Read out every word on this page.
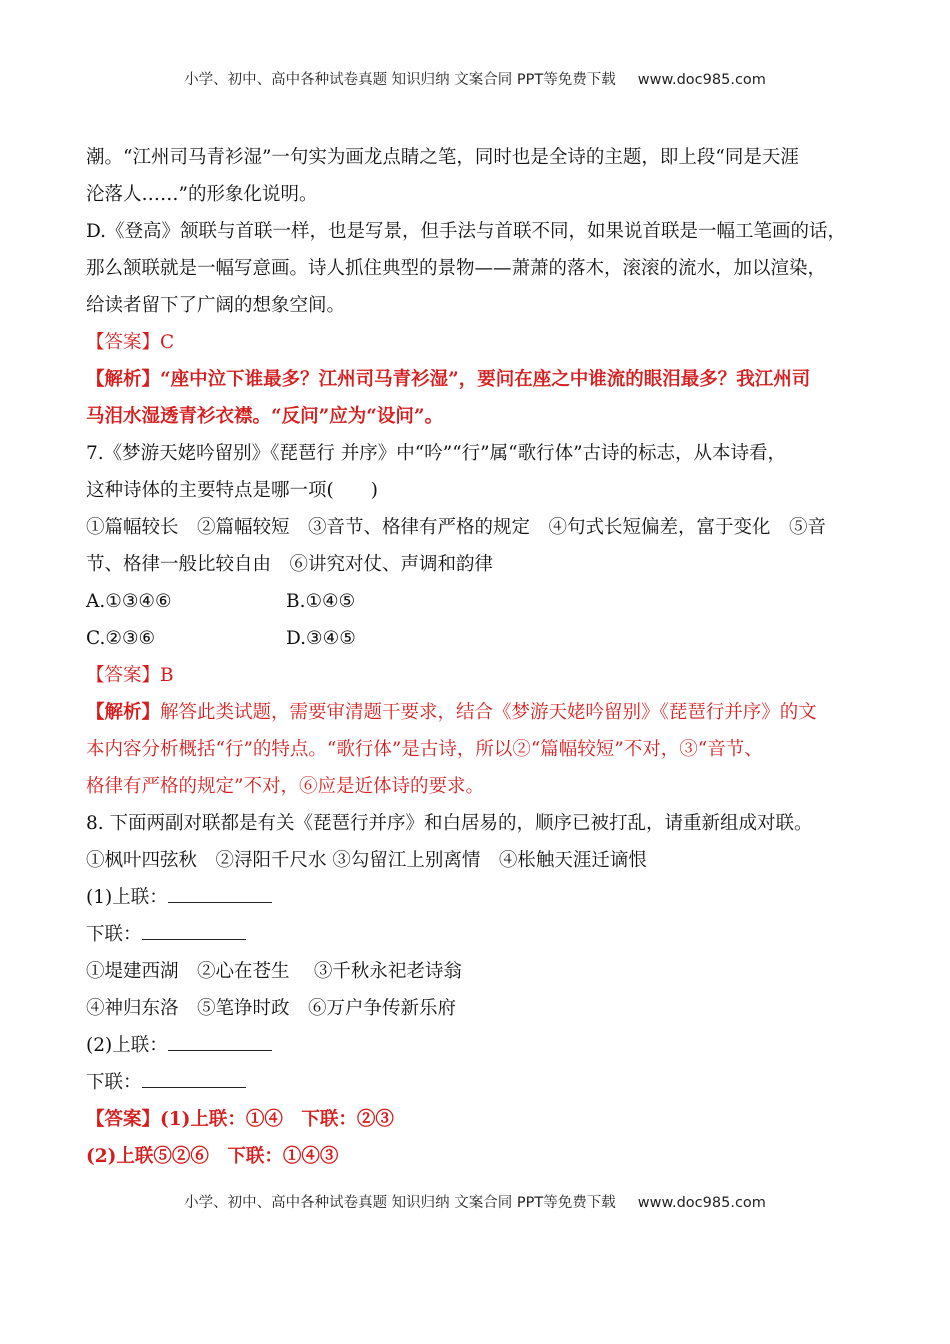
小学、初中、高中各种试卷真题 知识归纳 文案合同 PPT等免费下载 www.doc985.com
潮。“江州司马青衫湿”一句实为画龙点睛之笔，同时也是全诗的主题，即上段“同是天涯
沦落人……”的形象化说明。
D.《登高》颔联与首联一样，也是写景，但手法与首联不同，如果说首联是一幅工笔画的话，
那么颔联就是一幅写意画。诗人抓住典型的景物——萧萧的落木，滚滚的流水，加以渲染，
给读者留下了广阔的想象空间。
【答案】C
【解析】“座中泣下谁最多？江州司马青衫湿”，要问在座之中谁流的眼泪最多？我江州司
马泪水湿透青衫衣襟。“反问”应为“设问”。
7.《梦游天姥吟留别》《琵琶行 并序》中“吟”“行”属“歌行体”古诗的标志，从本诗看，
这种诗体的主要特点是哪一项(　　)
①篇幅较长　②篇幅较短　③音节、格律有严格的规定　④句式长短偏差，富于变化　⑤音
节、格律一般比较自由　⑥讲究对仗、声调和韵律
A.①③④⑥	B.①④⑤
C.②③⑥	D.③④⑤
【答案】B
【解析】解答此类试题，需要审清题干要求，结合《梦游天姥吟留别》《琵琶行并序》的文
本内容分析概括“行”的特点。“歌行体”是古诗，所以②“篇幅较短”不对，③“音节、
格律有严格的规定”不对，⑥应是近体诗的要求。
8. 下面两副对联都是有关《琵琶行并序》和白居易的，顺序已被打乱，请重新组成对联。
①枫叶四弦秋　②浔阳千尺水 ③勾留江上别离情　④枨触天涯迁谪恨
(1)上联：
下联：
①堤建西湖　②心在苍生　 ③千秋永祀老诗翁
④神归东洛　⑤笔诤时政　⑥万户争传新乐府
(2)上联：
下联：
【答案】(1)上联：①④　下联：②③
(2)上联⑤②⑥　下联：①④③
小学、初中、高中各种试卷真题 知识归纳 文案合同 PPT等免费下载 www.doc985.com
